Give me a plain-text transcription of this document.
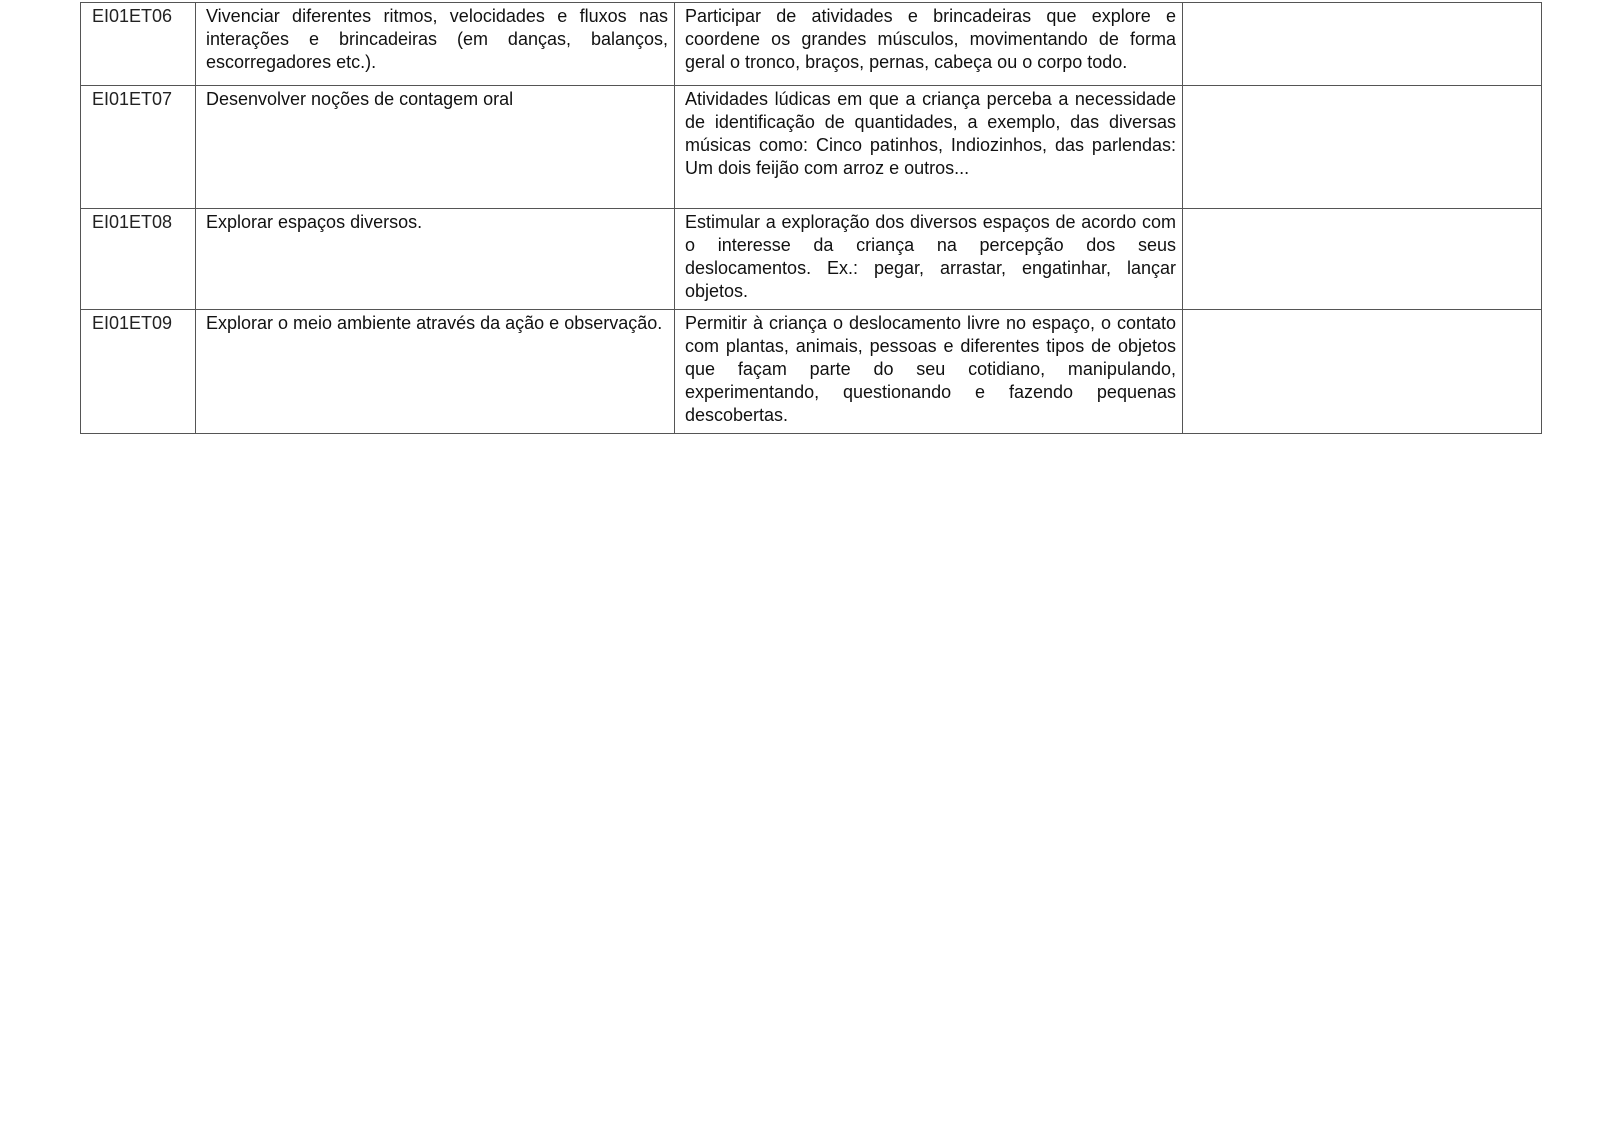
EI01ET06	Vivenciar diferentes ritmos, velocidades e fluxos nas interações e brincadeiras (em danças, balanços, escorregadores etc.).	Participar de atividades e brincadeiras que explore e coordene os grandes músculos, movimentando de forma geral o tronco, braços, pernas, cabeça ou o corpo todo.	
EI01ET07	Desenvolver noções de contagem oral	Atividades lúdicas em que a criança perceba a necessidade de identificação de quantidades, a exemplo, das diversas músicas como: Cinco patinhos, Indiozinhos, das parlendas: Um dois feijão com arroz e outros...	
EI01ET08	Explorar espaços diversos.	Estimular a exploração dos diversos espaços de acordo com o interesse da criança na percepção dos seus deslocamentos. Ex.: pegar, arrastar, engatinhar, lançar objetos.	
EI01ET09	Explorar o meio ambiente através da ação e observação.	Permitir à criança o deslocamento livre no espaço, o contato com plantas, animais, pessoas e diferentes tipos de objetos que façam parte do seu cotidiano, manipulando, experimentando, questionando e fazendo pequenas descobertas.	
